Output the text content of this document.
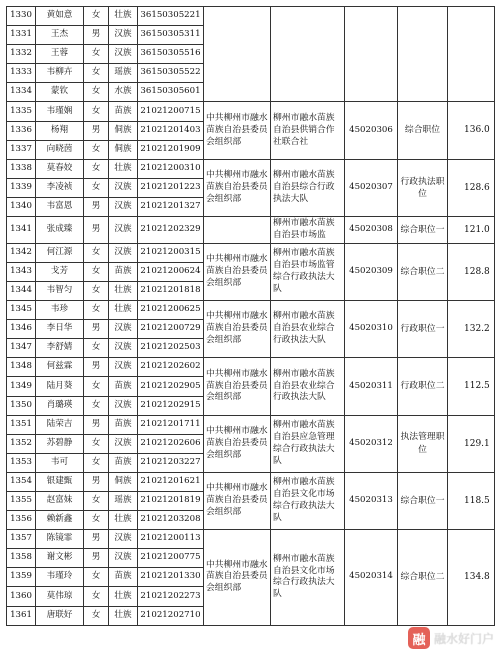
1330	黄如意	女	壮族	36150305221					
1331	王杰	男	汉族	36150305311					
1332	王蓉	女	汉族	36150305516					
1333	韦柳卉	女	瑶族	36150305522					
1334	蒙钦	女	水族	36150305601					
1335	韦瑾娴	女	苗族	21021200715	中共柳州市融水苗族自治县委员会组织部	柳州市融水苗族自治县供销合作社联合社	45020306	综合职位	136.0
1336	杨翔	男	侗族	21021201403					
1337	向晓茵	女	侗族	21021201909					
1338	莫春姣	女	壮族	21021200310	中共柳州市融水苗族自治县委员会组织部	柳州市融水苗族自治县综合行政执法大队	45020307	行政执法职位	128.6
1339	李凌祯	女	汉族	21021201223					
1340	韦富恩	男	汉族	21021201327					
1341	张成臻	男	汉族	21021202329		柳州市融水苗族自治县市场监	45020308	综合职位一	121.0
1342	何江源	女	汉族	21021200315	中共柳州市融水苗族自治县委员会组织部	柳州市融水苗族自治县市场监管综合行政执法大队	45020309	综合职位二	128.8
1343	戈芳	女	苗族	21021200624					
1344	韦智匀	女	壮族	21021201818					
1345	韦珍	女	壮族	21021200625	中共柳州市融水苗族自治县委员会组织部	柳州市融水苗族自治县农业综合行政执法大队	45020310	行政职位一	132.2
1346	李日华	男	汉族	21021200729					
1347	李舒婧	女	汉族	21021202503					
1348	何兹霖	男	汉族	21021202602	中共柳州市融水苗族自治县委员会组织部	柳州市融水苗族自治县农业综合行政执法大队	45020311	行政职位二	112.5
1349	陆月葵	女	苗族	21021202905					
1350	肖璐瑛	女	汉族	21021202915					
1351	陆荣吉	男	苗族	21021201711	中共柳州市融水苗族自治县委员会组织部	柳州市融水苗族自治县应急管理综合行政执法大队	45020312	执法管理职位	129.1
1352	苏碧静	女	汉族	21021202606					
1353	韦可	女	苗族	21021203227					
1354	银建甄	男	侗族	21021201621	中共柳州市融水苗族自治县委员会组织部	柳州市融水苗族自治县文化市场综合行政执法大队	45020313	综合职位一	118.5
1355	赵富妹	女	瑶族	21021201819					
1356	赖新鑫	女	壮族	21021203208					
1357	陈镜霏	男	汉族	21021200113	中共柳州市融水苗族自治县委员会组织部	柳州市融水苗族自治县文化市场综合行政执法大队	45020314	综合职位二	134.8
1358	谢文彬	男	汉族	21021200775					
1359	韦瑾玲	女	苗族	21021201330					
1360	莫伟琼	女	壮族	21021202273					
1361	唐联好	女	壮族	21021202710					
融 融水好门户
